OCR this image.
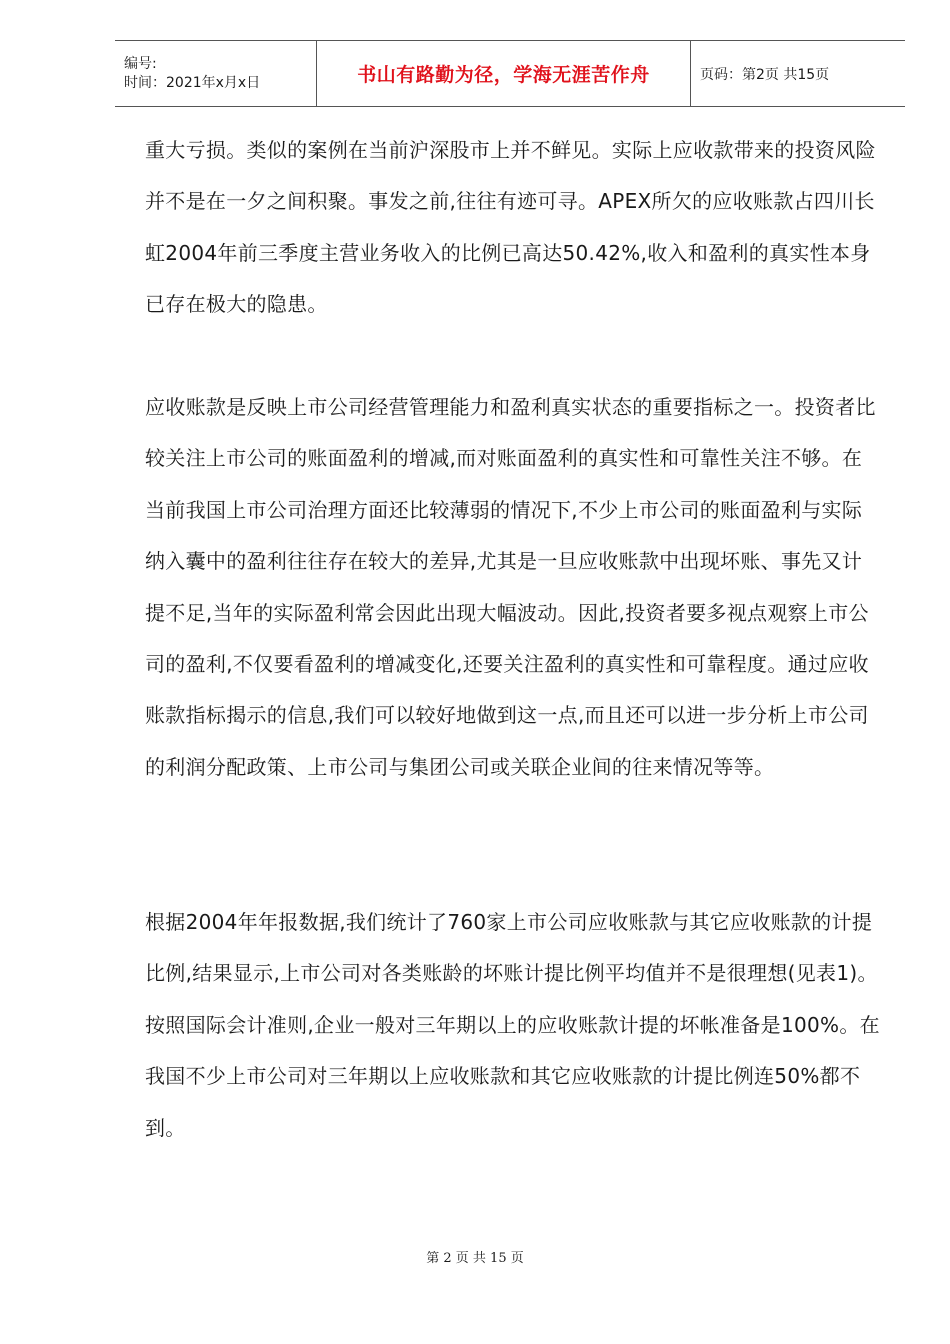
编号:
时间：2021年x月x日	书山有路勤为径，学海无涯苦作舟	页码：第2页 共15页

重大亏损。类似的案例在当前沪深股市上并不鲜见。实际上应收款带来的投资风险并不是在一夕之间积聚。事发之前,往往有迹可寻。APEX所欠的应收账款占四川长虹2004年前三季度主营业务收入的比例已高达50.42%,收入和盈利的真实性本身已存在极大的隐患。

应收账款是反映上市公司经营管理能力和盈利真实状态的重要指标之一。投资者比较关注上市公司的账面盈利的增减,而对账面盈利的真实性和可靠性关注不够。在当前我国上市公司治理方面还比较薄弱的情况下,不少上市公司的账面盈利与实际纳入囊中的盈利往往存在较大的差异,尤其是一旦应收账款中出现坏账、事先又计提不足,当年的实际盈利常会因此出现大幅波动。因此,投资者要多视点观察上市公司的盈利,不仅要看盈利的增减变化,还要关注盈利的真实性和可靠程度。通过应收账款指标揭示的信息,我们可以较好地做到这一点,而且还可以进一步分析上市公司的利润分配政策、上市公司与集团公司或关联企业间的往来情况等等。

根据2004年年报数据,我们统计了760家上市公司应收账款与其它应收账款的计提比例,结果显示,上市公司对各类账龄的坏账计提比例平均值并不是很理想(见表1)。按照国际会计准则,企业一般对三年期以上的应收账款计提的坏帐准备是100%。在我国不少上市公司对三年期以上应收账款和其它应收账款的计提比例连50%都不到。

第 2 页 共 15 页
